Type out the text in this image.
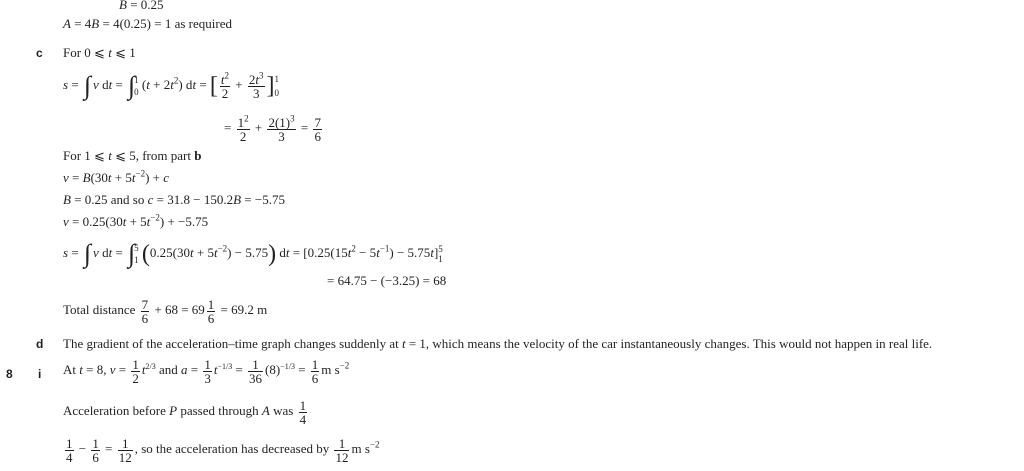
B = 0.25
A = 4B = 4(0.25) = 1 as required
c For 0 ⩽ t ⩽ 1
s = ∫ v dt = ∫1
0 $(t + 2t^2)$ dt = [ $\frac{t^2}{2} + \frac{2t^3}{3} ]1$
0
= $\frac{1^2}{2} + \frac{2(1)^3}{3} = \frac{7}{6}$
For 1 ⩽ t ⩽ 5, from part b
$v = B(30t + 5t^{-2}) + c$
B = 0.25 and so c = 31.8 − 150.2B = −5.75
$v = 0.25(30t + 5t^{-2}) + -5.75$
s = ∫ v dt = ∫5
1 $(0.25(30t + 5t^{-2}) - 5.75)$ dt = $[0.25(15t^2 - 5t^{-1}) - 5.75t]5$
1
= 64.75 − (−3.25) = 68
Total distance $\frac{7}{6} + 68 = 69 \frac{1}{6} = 69.2$ m
d The gradient of the acceleration–time graph changes suddenly at t = 1, which means the velocity of the car instantaneously changes. This would not happen in real life.
8 i At t = 8, $v = \frac{1}{2} t^{2/3}$ and $a = \frac{1}{3} t^{-1/3} = \frac{1}{36} (8)^{-1/3} = \frac{1}{6}$ m $s^{-2}$
Acceleration before P passed through A was $\frac{1}{4}$
$\frac{1}{4} - \frac{1}{6} = \frac{1}{12}$ , so the acceleration has decreased by $\frac{1}{12}$ m $s^{-2}$
